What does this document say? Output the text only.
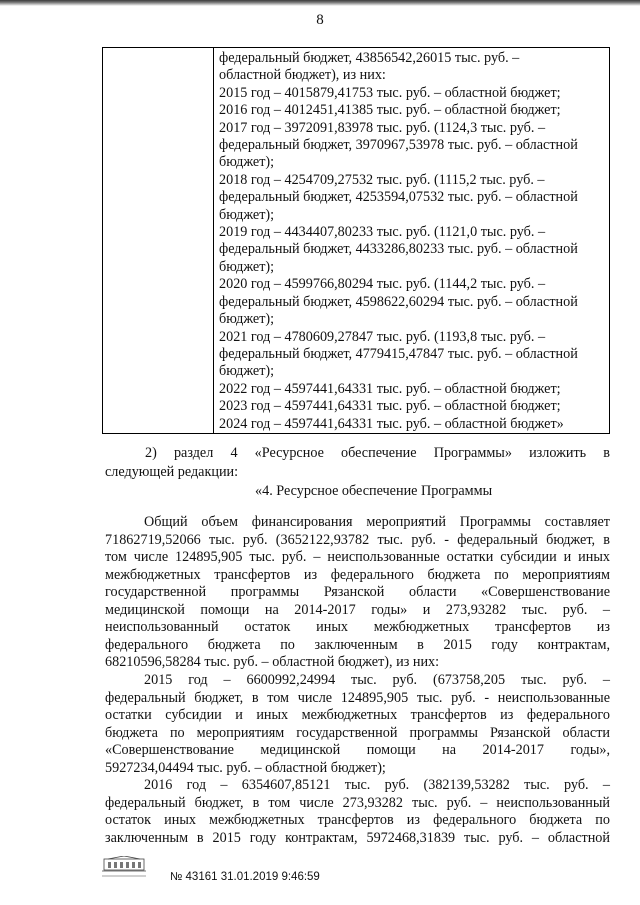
8
федеральный бюджет, 43856542,26015 тыс. руб. –
областной бюджет), из них:
2015 год – 4015879,41753 тыс. руб. – областной бюджет;
2016 год – 4012451,41385 тыс. руб. – областной бюджет;
2017 год – 3972091,83978 тыс. руб. (1124,3 тыс. руб. –
федеральный бюджет, 3970967,53978 тыс. руб. – областной
бюджет);
2018 год – 4254709,27532 тыс. руб. (1115,2 тыс. руб. –
федеральный бюджет, 4253594,07532 тыс. руб. – областной
бюджет);
2019 год – 4434407,80233 тыс. руб. (1121,0 тыс. руб. –
федеральный бюджет, 4433286,80233 тыс. руб. – областной
бюджет);
2020 год – 4599766,80294 тыс. руб. (1144,2 тыс. руб. –
федеральный бюджет, 4598622,60294 тыс. руб. – областной
бюджет);
2021 год – 4780609,27847 тыс. руб. (1193,8 тыс. руб. –
федеральный бюджет, 4779415,47847 тыс. руб. – областной
бюджет);
2022 год – 4597441,64331 тыс. руб. – областной бюджет;
2023 год – 4597441,64331 тыс. руб. – областной бюджет;
2024 год – 4597441,64331 тыс. руб. – областной бюджет»
2) раздел 4 «Ресурсное обеспечение Программы» изложить в
следующей редакции:
«4. Ресурсное обеспечение Программы
Общий объем финансирования мероприятий Программы составляет
71862719,52066 тыс. руб. (3652122,93782 тыс. руб. - федеральный бюджет, в
том числе 124895,905 тыс. руб. – неиспользованные остатки субсидии и иных
межбюджетных трансфертов из федерального бюджета по мероприятиям
государственной программы Рязанской области «Совершенствование
медицинской помощи на 2014-2017 годы» и 273,93282 тыс. руб. –
неиспользованный остаток иных межбюджетных трансфертов из
федерального бюджета по заключенным в 2015 году контрактам,
68210596,58284 тыс. руб. – областной бюджет), из них:
2015 год – 6600992,24994 тыс. руб. (673758,205 тыс. руб. –
федеральный бюджет, в том числе 124895,905 тыс. руб. - неиспользованные
остатки субсидии и иных межбюджетных трансфертов из федерального
бюджета по мероприятиям государственной программы Рязанской области
«Совершенствование медицинской помощи на 2014-2017 годы»,
5927234,04494 тыс. руб. – областной бюджет);
2016 год – 6354607,85121 тыс. руб. (382139,53282 тыс. руб. –
федеральный бюджет, в том числе 273,93282 тыс. руб. – неиспользованный
остаток иных межбюджетных трансфертов из федерального бюджета по
заключенным в 2015 году контрактам, 5972468,31839 тыс. руб. – областной
№ 43161 31.01.2019 9:46:59
